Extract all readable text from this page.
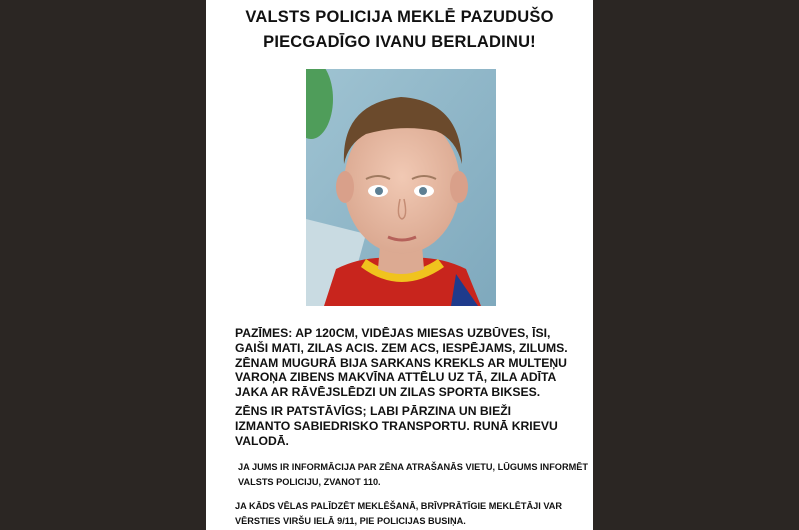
VALSTS POLICIJA MEKLĒ PAZUDUŠO
PIECGADĪGO IVANU BERLADINU!
PAZĪMES: AP 120CM, VIDĒJAS MIESAS UZBŪVES, ĪSI,
GAIŠI MATI, ZILAS ACIS. ZEM ACS, IESPĒJAMS, ZILUMS.
ZĒNAM MUGURĀ BIJA SARKANS KREKLS AR MULTEŅU
VAROŅA ZIBENS MAKVĪNA ATTĒLU UZ TĀ, ZILA ADĪTA
JAKA AR RĀVĒJSLĒDZI UN ZILAS SPORTA BIKSES.
ZĒNS IR PATSTĀVĪGS; LABI PĀRZINA UN BIEŽI
IZMANTO SABIEDRISKO TRANSPORTU. RUNĀ KRIEVU
VALODĀ.
JA JUMS IR INFORMĀCIJA PAR ZĒNA ATRAŠANĀS VIETU, LŪGUMS INFORMĒT
VALSTS POLICIJU, ZVANOT 110.
JA KĀDS VĒLAS PALĪDZĒT MEKLĒŠANĀ, BRĪVPRĀTĪGIE MEKLĒTĀJI VAR
VĒRSTIES VIRŠU IELĀ 9/11, PIE POLICIJAS BUSIŅA.
